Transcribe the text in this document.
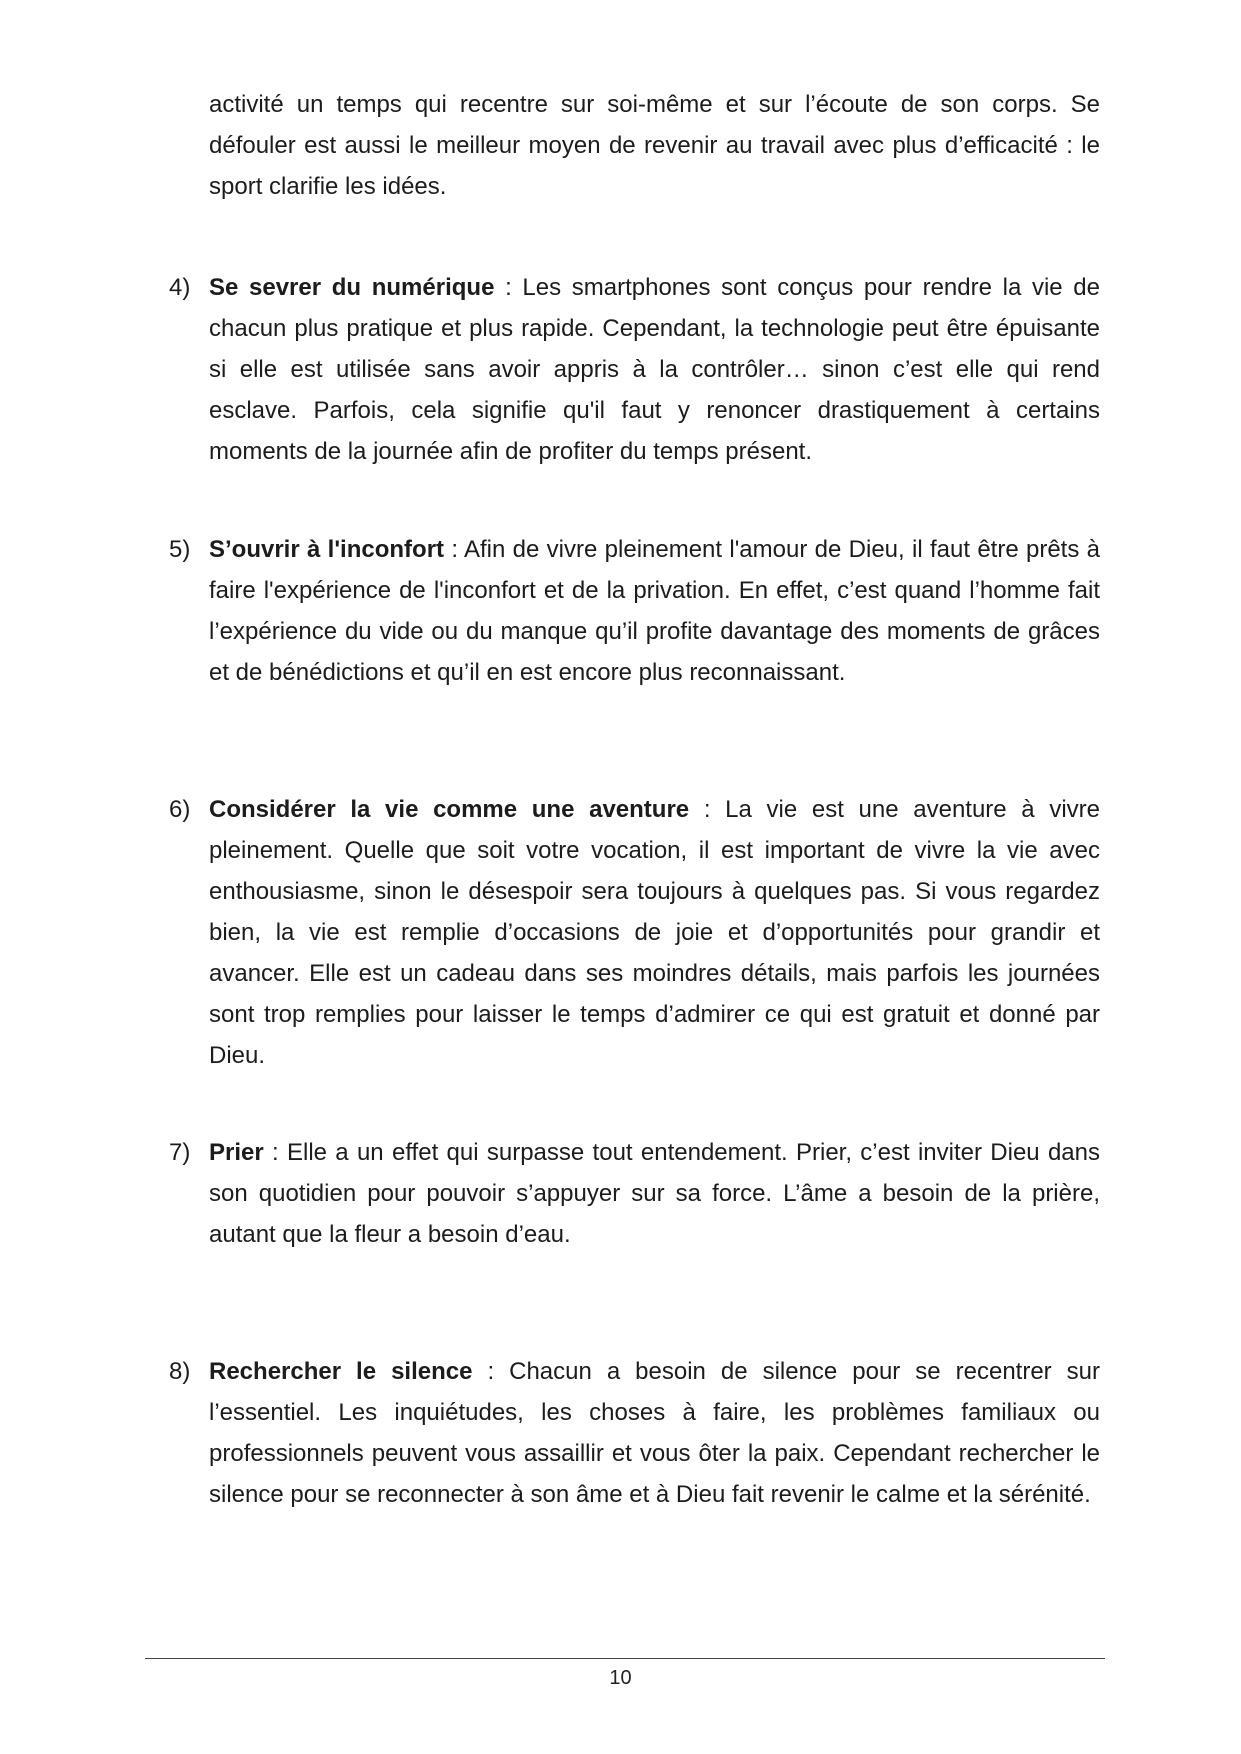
activité un temps qui recentre sur soi-même et sur l’écoute de son corps. Se défouler est aussi le meilleur moyen de revenir au travail avec plus d’efficacité : le sport clarifie les idées.

4) Se sevrer du numérique : Les smartphones sont conçus pour rendre la vie de chacun plus pratique et plus rapide. Cependant, la technologie peut être épuisante si elle est utilisée sans avoir appris à la contrôler… sinon c’est elle qui rend esclave. Parfois, cela signifie qu'il faut y renoncer drastiquement à certains moments de la journée afin de profiter du temps présent.
5) S’ouvrir à l'inconfort : Afin de vivre pleinement l'amour de Dieu, il faut être prêts à faire l'expérience de l'inconfort et de la privation. En effet, c’est quand l’homme fait l’expérience du vide ou du manque qu’il profite davantage des moments de grâces et de bénédictions et qu’il en est encore plus reconnaissant.
6) Considérer la vie comme une aventure : La vie est une aventure à vivre pleinement. Quelle que soit votre vocation, il est important de vivre la vie avec enthousiasme, sinon le désespoir sera toujours à quelques pas. Si vous regardez bien, la vie est remplie d’occasions de joie et d’opportunités pour grandir et avancer. Elle est un cadeau dans ses moindres détails, mais parfois les journées sont trop remplies pour laisser le temps d’admirer ce qui est gratuit et donné par Dieu.
7) Prier : Elle a un effet qui surpasse tout entendement. Prier, c’est inviter Dieu dans son quotidien pour pouvoir s’appuyer sur sa force. L’âme a besoin de la prière, autant que la fleur a besoin d’eau.
8) Rechercher le silence : Chacun a besoin de silence pour se recentrer sur l’essentiel. Les inquiétudes, les choses à faire, les problèmes familiaux ou professionnels peuvent vous assaillir et vous ôter la paix. Cependant rechercher le silence pour se reconnecter à son âme et à Dieu fait revenir le calme et la sérénité.
10
